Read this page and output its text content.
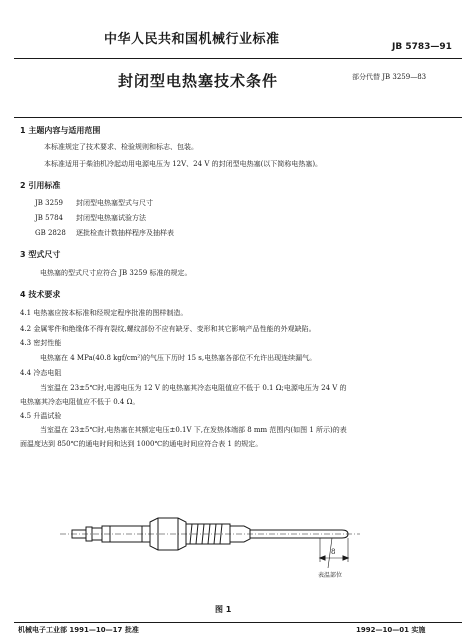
中华人民共和国机械行业标准	JB 5783—91
封闭型电热塞技术条件	部分代替 JB 3259—83
1 主题内容与适用范围
本标准规定了技术要求、检验规则和标志、包装。
本标准适用于柴油机冷起动用电源电压为 12V、24 V 的封闭型电热塞(以下简称电热塞)。
2 引用标准
JB 3259 封闭型电热塞型式与尺寸
JB 5784 封闭型电热塞试验方法
GB 2828 逐批检查计数抽样程序及抽样表
3 型式尺寸
电热塞的型式尺寸应符合 JB 3259 标准的规定。
4 技术要求
4.1 电热塞应按本标准和经规定程序批准的图样制造。
4.2 金属零件和绝缘体不得有裂纹,螺纹部份不应有缺牙、变形和其它影响产品性能的外观缺陷。
4.3 密封性能
电热塞在 4 MPa(40.8 kgf/cm²)的气压下历时 15 s,电热塞各部位不允许出现连续漏气。
4.4 冷态电阻
当室温在 23±5℃时,电源电压为 12 V 的电热塞其冷态电阻值应不低于 0.1 Ω;电源电压为 24 V 的
电热塞其冷态电阻值应不低于 0.4 Ω。
4.5 升温试验
当室温在 23±5℃时,电热塞在其额定电压±0.1V 下,在发热体端部 8 mm 范围内(如图 1 所示)的表
面温度达到 850℃的通电时间和达到 1000℃的通电时间应符合表 1 的规定。
8
表温部位
图 1
机械电子工业部 1991—10—17 批准	1992—10—01 实施
